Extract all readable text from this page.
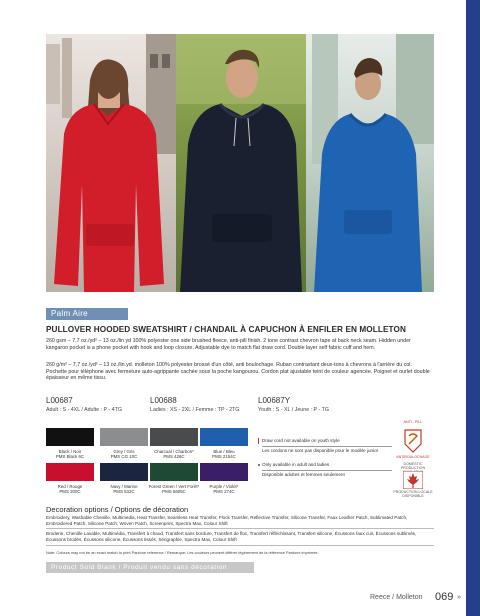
Palm Aire
PULLOVER HOODED SWEATSHIRT / CHANDAIL À CAPUCHON À ENFILER EN MOLLETON
260 gsm – 7.7 oz./yd² – 13 oz./lin yd 100% polyester one side brushed fleece, anti-pill finish. 2 tone contrast chevron tape at back neck seam. Hidden under kangaroo pocket is a phone pocket with hook and loop closure. Adjustable dye to match flat draw cord. Double layer self fabric cuff and hem.
260 g/m² – 7,7 oz./yd² – 13 oz./lin.yd. molleton 100% polyester brossé d'un côté, anti boulochage. Ruban contrastant deux-tons à chevrons à l'arrière du col. Pochette pour téléphone avec fermeture auto-agrippante cachée sous la poche kangourou. Cordon plat ajustable teint de couleur agencée. Poignet et ourlet double épaisseur en même tissu.
L00687
Adult : S - 4XL / Adulte : P - 4TG
L00688
Ladies : XS - 2XL / Femme : TP - 2TG
L00687Y
Youth : S - XL / Jeune : P - TG
Black / Noir
PMS Black 6C
Grey / Gris
PMS CG 10C
Charcoal / Charbon*
PMS 426C
Blue / Bleu
PMS 2154C
Red / Rouge
PMS 200C
Navy / Marine
PMS 532C
Forest Green / Vert Forêt*
PMS 5605C
Purple / Violet*
PMS 274C
Draw cord not available on youth style
Les cordons ne sont pas disponible pour le modèle junior
Only available in adult and ladies
Disponible adultes et femmes seulement
ANTI - PILL
ANTIBOULOCHAGE
DOMESTIC PRODUCTION

PRODUCTION LOCALE
DISPONIBLE
Decoration options / Options de décoration
Embroidery, Washable Chenille, Multimedia, Heat Transfer, Seamless Heat Transfer, Flock Transfer, Reflective Transfer, Silicone Transfer, Faux Leather Patch, Sublimated Patch, Embroidered Patch, Silicone Patch, Woven Patch, Screenprint, Spectra Max, Colour Shift
Broderie, Chenille Lavable, Multimédia, Transfert à chaud, Transfert sans bordure, Transfert de floc, Transfert réfléchissant, Transfert silicone, Écussons faux cuir, Écussons sublimés, Écussons brodés, Écussons silicone, Écussons tissés, Sérigraphie, Spectra Max, Colour Shift
Note: Colours may not be an exact match to print Pantone reference / Remarque: Les couleurs peuvent différer légèrement de la référence Pantone imprimée.
Product Sold Blank / Produit vendu sans décoration
Reece / Molleton 069 »
